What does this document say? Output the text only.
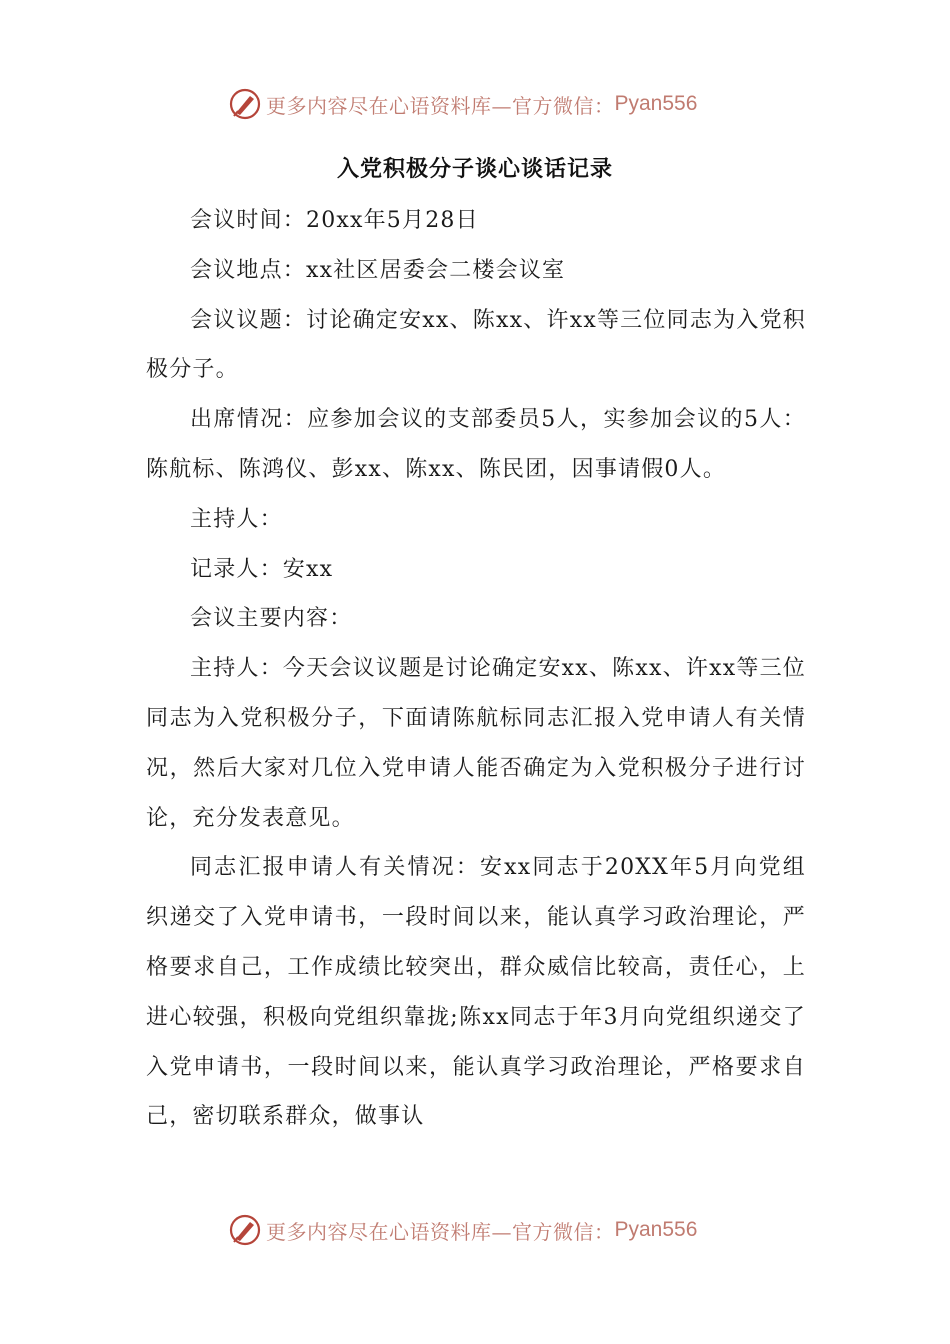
更多内容尽在心语资料库—官方微信： Pyan556
入党积极分子谈心谈话记录

会议时间：20xx年5月28日

会议地点：xx社区居委会二楼会议室

会议议题：讨论确定安xx、陈xx、许xx等三位同志为入党积极分子。

出席情况：应参加会议的支部委员5人，实参加会议的5人：陈航标、陈鸿仪、彭xx、陈xx、陈民团，因事请假0人。

主持人：

记录人：安xx

会议主要内容：

主持人：今天会议议题是讨论确定安xx、陈xx、许xx等三位同志为入党积极分子，下面请陈航标同志汇报入党申请人有关情况，然后大家对几位入党申请人能否确定为入党积极分子进行讨论，充分发表意见。

同志汇报申请人有关情况：安xx同志于20XX年5月向党组织递交了入党申请书，一段时间以来，能认真学习政治理论，严格要求自己，工作成绩比较突出，群众威信比较高，责任心，上进心较强，积极向党组织靠拢;陈xx同志于年3月向党组织递交了入党申请书，一段时间以来，能认真学习政治理论，严格要求自己，密切联系群众，做事认

更多内容尽在心语资料库—官方微信： Pyan556
